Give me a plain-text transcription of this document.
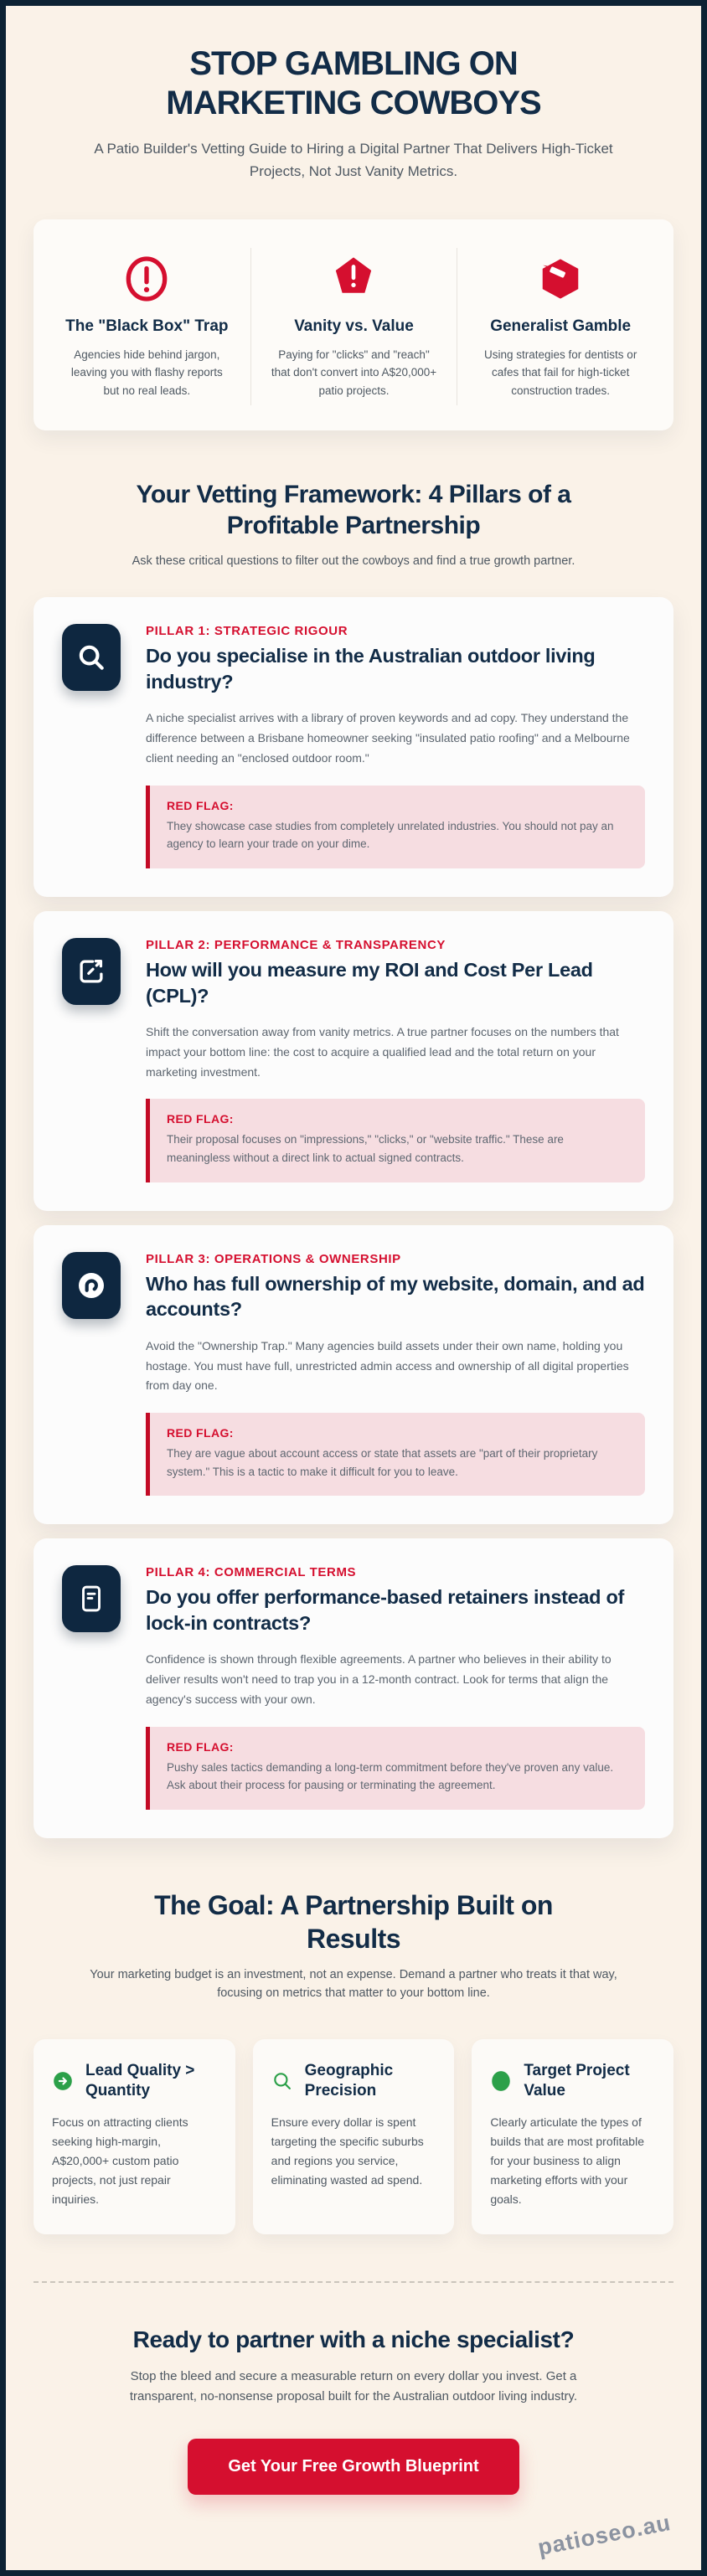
STOP GAMBLING ON MARKETING COWBOYS

A Patio Builder's Vetting Guide to Hiring a Digital Partner That Delivers High-Ticket Projects, Not Just Vanity Metrics.

The "Black Box" Trap
Agencies hide behind jargon, leaving you with flashy reports but no real leads.
Vanity vs. Value
Paying for "clicks" and "reach" that don't convert into A$20,000+ patio projects.
Generalist Gamble
Using strategies for dentists or cafes that fail for high-ticket construction trades.
Your Vetting Framework: 4 Pillars of a Profitable Partnership

Ask these critical questions to filter out the cowboys and find a true growth partner.

PILLAR 1: STRATEGIC RIGOUR
Do you specialise in the Australian outdoor living industry?

A niche specialist arrives with a library of proven keywords and ad copy. They understand the difference between a Brisbane homeowner seeking "insulated patio roofing" and a Melbourne client needing an "enclosed outdoor room."

RED FLAG:
They showcase case studies from completely unrelated industries. You should not pay an agency to learn your trade on your dime.
PILLAR 2: PERFORMANCE & TRANSPARENCY
How will you measure my ROI and Cost Per Lead (CPL)?

Shift the conversation away from vanity metrics. A true partner focuses on the numbers that impact your bottom line: the cost to acquire a qualified lead and the total return on your marketing investment.

RED FLAG:
Their proposal focuses on "impressions," "clicks," or "website traffic." These are meaningless without a direct link to actual signed contracts.
PILLAR 3: OPERATIONS & OWNERSHIP
Who has full ownership of my website, domain, and ad accounts?

Avoid the "Ownership Trap." Many agencies build assets under their own name, holding you hostage. You must have full, unrestricted admin access and ownership of all digital properties from day one.

RED FLAG:
They are vague about account access or state that assets are "part of their proprietary system." This is a tactic to make it difficult for you to leave.
PILLAR 4: COMMERCIAL TERMS
Do you offer performance-based retainers instead of lock-in contracts?

Confidence is shown through flexible agreements. A partner who believes in their ability to deliver results won't need to trap you in a 12-month contract. Look for terms that align the agency's success with your own.

RED FLAG:
Pushy sales tactics demanding a long-term commitment before they've proven any value. Ask about their process for pausing or terminating the agreement.
The Goal: A Partnership Built on Results

Your marketing budget is an investment, not an expense. Demand a partner who treats it that way, focusing on metrics that matter to your bottom line.

Lead Quality > Quantity

Focus on attracting clients seeking high-margin, A$20,000+ custom patio projects, not just repair inquiries.

Geographic Precision

Ensure every dollar is spent targeting the specific suburbs and regions you service, eliminating wasted ad spend.

Target Project Value

Clearly articulate the types of builds that are most profitable for your business to align marketing efforts with your goals.

Ready to partner with a niche specialist?

Stop the bleed and secure a measurable return on every dollar you invest. Get a transparent, no-nonsense proposal built for the Australian outdoor living industry.

Get Your Free Growth Blueprint
patioseo.au
